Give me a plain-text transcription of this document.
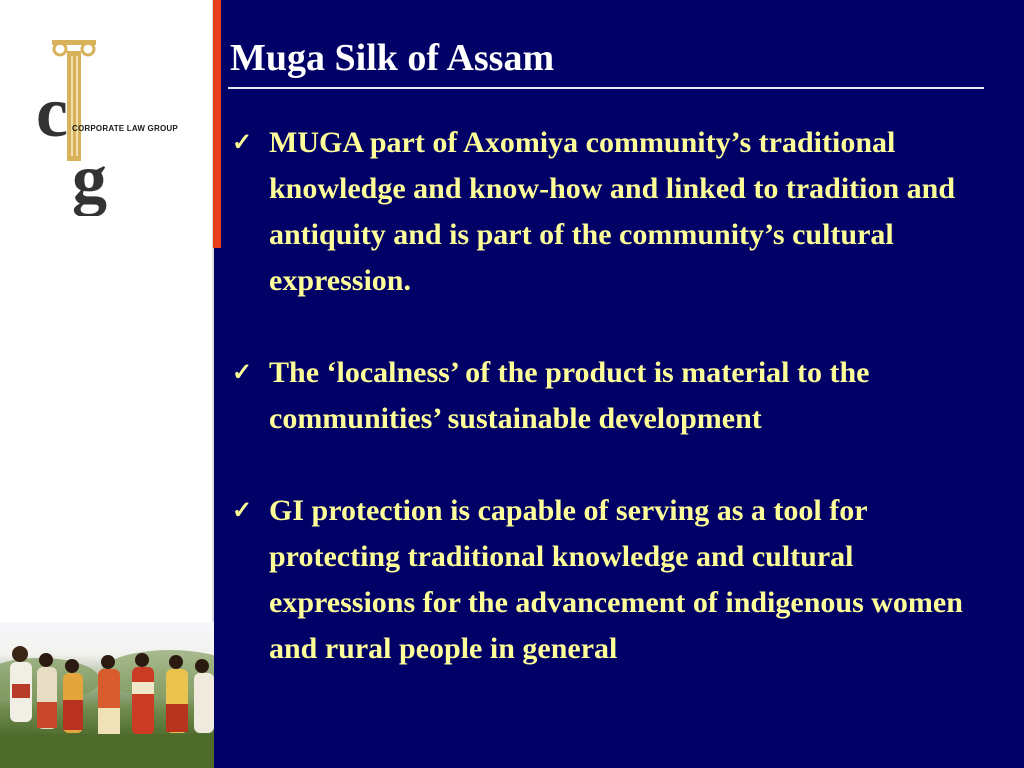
c
g
CORPORATE LAW GROUP
Muga Silk of Assam
✓ MUGA part of Axomiya community’s traditional knowledge and know-how and linked to tradition and antiquity and is part of the community’s cultural expression.
✓ The ‘localness’ of the product is material to the communities’ sustainable development
✓ GI protection is capable of serving as a tool for protecting traditional knowledge and cultural expressions for the advancement of indigenous women and rural people in general
